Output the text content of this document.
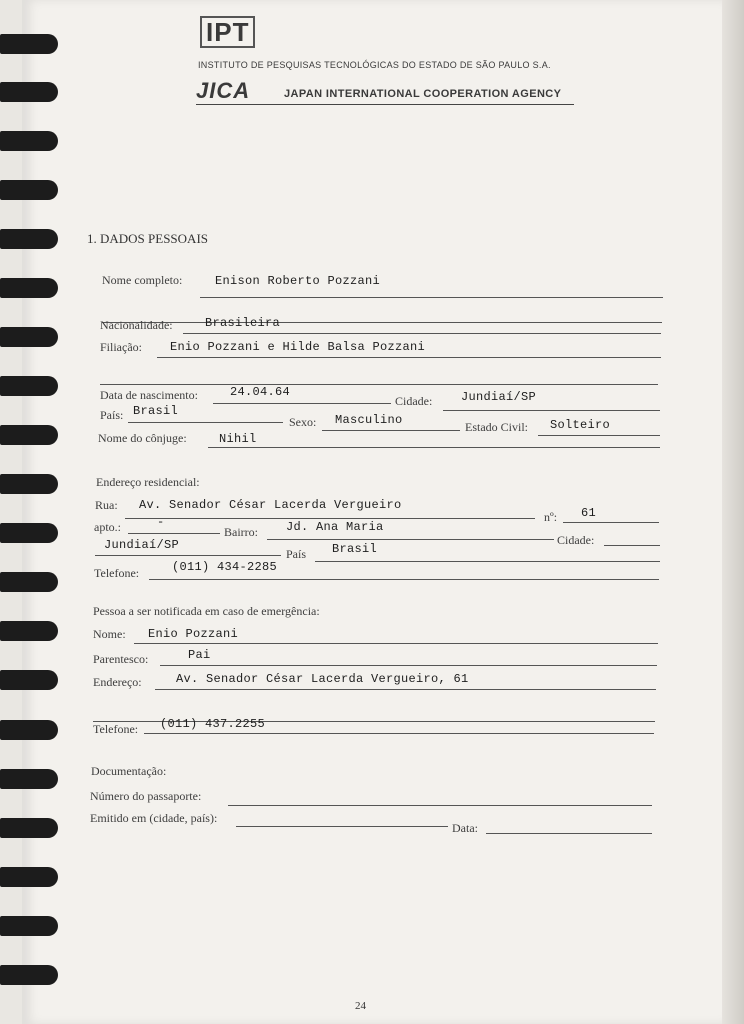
IPT
INSTITUTO DE PESQUISAS TECNOLÓGICAS DO ESTADO DE SÃO PAULO S.A.
JICA	JAPAN INTERNATIONAL COOPERATION AGENCY
1. DADOS PESSOAIS
Nome completo:	Enison Roberto Pozzani
Nacionalidade:	Brasileira
Filiação: Enio Pozzani e Hilde Balsa Pozzani
Data de nascimento:	24.04.64
Cidade: Jundiaí/SP
País: Brasil
Sexo: Masculino	Estado Civil: Solteiro
Nome do cônjuge:	Nihil
Endereço residencial:
Rua: Av. Senador César Lacerda Vergueiro
nº: 61
apto.:	-
Bairro: Jd. Ana Maria
Cidade:
Jundiaí/SP
País Brasil
Telefone:	(011) 434-2285
Pessoa a ser notificada em caso de emergência:
Nome: Enio Pozzani
Parentesco:	Pai
Endereço:	Av. Senador César Lacerda Vergueiro, 61
Telefone: (011) 437.2255
Documentação:
Número do passaporte:
Emitido em (cidade, país):
Data:
24
